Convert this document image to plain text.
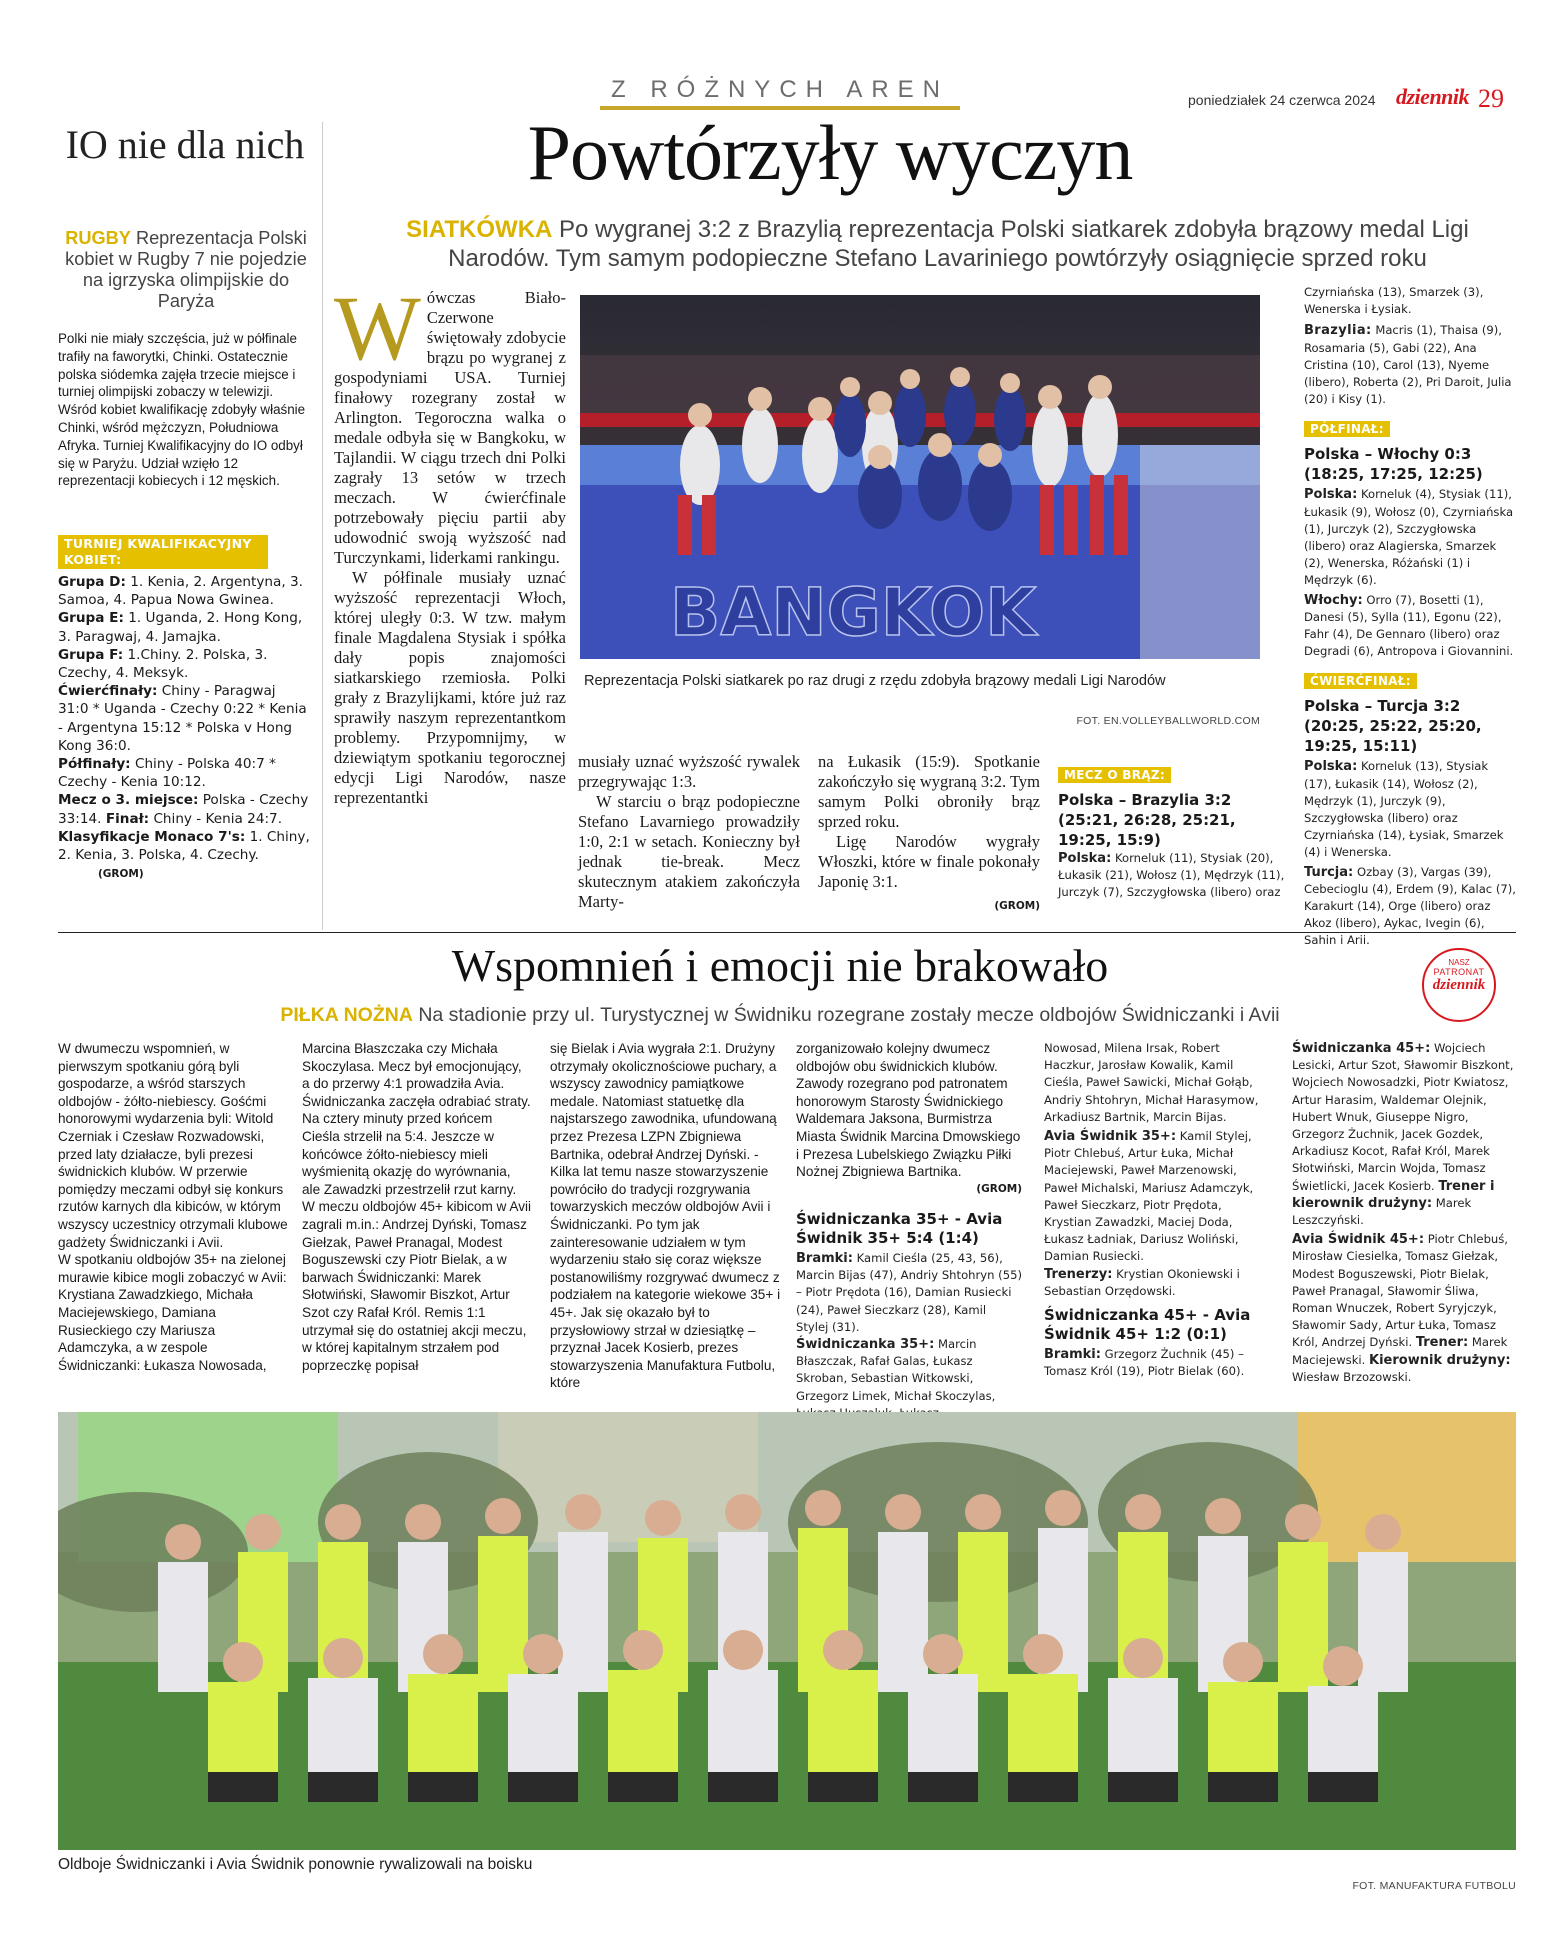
Z RÓŻNYCH AREN	poniedziałek 24 czerwca 2024 dziennik 29
IO nie dla nich
RUGBY Reprezentacja Polski kobiet w Rugby 7 nie pojedzie na igrzyska olimpijskie do Paryża
Polki nie miały szczęścia, już w półfinale trafiły na faworytki, Chinki. Ostatecznie polska siódemka zajęła trzecie miejsce i turniej olimpijski zobaczy w telewizji. Wśród kobiet kwalifikację zdobyły właśnie Chinki, wśród mężczyzn, Południowa Afryka. Turniej Kwalifikacyjny do IO odbył się w Paryżu. Udział wzięło 12 reprezentacji kobiecych i 12 męskich.
TURNIEJ KWALIFIKACYJNY KOBIET:
Grupa D: 1. Kenia, 2. Argentyna, 3. Samoa, 4. Papua Nowa Gwinea.
Grupa E: 1. Uganda, 2. Hong Kong, 3. Paragwaj, 4. Jamajka.
Grupa F: 1.Chiny. 2. Polska, 3. Czechy, 4. Meksyk.
Ćwierćfinały: Chiny - Paragwaj 31:0 * Uganda - Czechy 0:22 * Kenia - Argentyna 15:12 * Polska v Hong Kong 36:0.
Półfinały: Chiny - Polska 40:7 * Czechy - Kenia 10:12.
Mecz o 3. miejsce: Polska - Czechy 33:14. Finał: Chiny - Kenia 24:7.
Klasyfikacje Monaco 7's: 1. Chiny, 2. Kenia, 3. Polska, 4. Czechy. (GROM)
Powtórzyły wyczyn
SIATKÓWKA Po wygranej 3:2 z Brazylią reprezentacja Polski siatkarek zdobyła brązowy medal Ligi Narodów. Tym samym podopieczne Stefano Lavariniego powtórzyły osiągnięcie sprzed roku
W ówczas Biało-Czerwone świętowały zdobycie brązu po wygranej z gospodyniami USA. Turniej finałowy rozegrany został w Arlington. Tegoroczna walka o medale odbyła się w Bangkoku, w Tajlandii. W ciągu trzech dni Polki zagrały 13 setów w trzech meczach. W ćwierćfinale potrzebowały pięciu partii aby udowodnić swoją wyższość nad Turczynkami, liderkami rankingu.
W półfinale musiały uznać wyższość reprezentacji Włoch, której uległy 0:3. W tzw. małym finale Magdalena Stysiak i spółka dały popis znajomości siatkarskiego rzemiosła. Polki grały z Brazylijkami, które już raz sprawiły naszym reprezentantkom problemy. Przypomnijmy, w dziewiątym spotkaniu tegorocznej edycji Ligi Narodów, nasze reprezentantki
BANGKOK
Reprezentacja Polski siatkarek po raz drugi z rzędu zdobyła brązowy medali Ligi Narodów
FOT. EN.VOLLEYBALLWORLD.COM
musiały uznać wyższość rywalek przegrywając 1:3.
W starciu o brąz podopieczne Stefano Lavarniego prowadziły 1:0, 2:1 w setach. Konieczny był jednak tie-break. Mecz skutecznym atakiem zakończyła Marty-
na Łukasik (15:9). Spotkanie zakończyło się wygraną 3:2. Tym samym Polki obroniły brąz sprzed roku.
Ligę Narodów wygrały Włoszki, które w finale pokonały Japonię 3:1.
(GROM)
MECZ O BRĄZ:
Polska – Brazylia 3:2 (25:21, 26:28, 25:21, 19:25, 15:9)
Polska: Korneluk (11), Stysiak (20), Łukasik (21), Wołosz (1), Mędrzyk (11), Jurczyk (7), Szczygłowska (libero) oraz
Czyrniańska (13), Smarzek (3), Wenerska i Łysiak.
Brazylia: Macris (1), Thaisa (9), Rosamaria (5), Gabi (22), Ana Cristina (10), Carol (13), Nyeme (libero), Roberta (2), Pri Daroit, Julia (20) i Kisy (1).
PÓŁFINAŁ:
Polska – Włochy 0:3 (18:25, 17:25, 12:25)
Polska: Korneluk (4), Stysiak (11), Łukasik (9), Wołosz (0), Czyrniańska (1), Jurczyk (2), Szczygłowska (libero) oraz Alagierska, Smarzek (2), Wenerska, Różański (1) i Mędrzyk (6).
Włochy: Orro (7), Bosetti (1), Danesi (5), Sylla (11), Egonu (22), Fahr (4), De Gennaro (libero) oraz Degradi (6), Antropova i Giovannini.
ĆWIERĆFINAŁ:
Polska – Turcja 3:2 (20:25, 25:22, 25:20, 19:25, 15:11)
Polska: Korneluk (13), Stysiak (17), Łukasik (14), Wołosz (2), Mędrzyk (1), Jurczyk (9), Szczygłowska (libero) oraz Czyrniańska (14), Łysiak, Smarzek (4) i Wenerska.
Turcja: Ozbay (3), Vargas (39), Cebecioglu (4), Erdem (9), Kalac (7), Karakurt (14), Orge (libero) oraz Akoz (libero), Aykac, Ivegin (6), Sahin i Arii.
Wspomnień i emocji nie brakowało
PIŁKA NOŻNA Na stadionie przy ul. Turystycznej w Świdniku rozegrane zostały mecze oldbojów Świdniczanki i Avii
NASZ
PATRONAT
dziennik
W dwumeczu wspomnień, w pierwszym spotkaniu górą byli gospodarze, a wśród starszych oldbojów - żółto-niebiescy. Gośćmi honorowymi wydarzenia byli: Witold Czerniak i Czesław Rozwadowski, przed laty działacze, byli prezesi świdnickich klubów. W przerwie pomiędzy meczami odbył się konkurs rzutów karnych dla kibiców, w którym wszyscy uczestnicy otrzymali klubowe gadżety Świdniczanki i Avii.
W spotkaniu oldbojów 35+ na zielonej murawie kibice mogli zobaczyć w Avii: Krystiana Zawadzkiego, Michała Maciejewskiego, Damiana Rusieckiego czy Mariusza Adamczyka, a w zespole Świdniczanki: Łukasza Nowosada,
Marcina Błaszczaka czy Michała Skoczylasa. Mecz był emocjonujący, a do przerwy 4:1 prowadziła Avia. Świdniczanka zaczęła odrabiać straty. Na cztery minuty przed końcem Cieśla strzelił na 5:4. Jeszcze w końcówce żółto-niebiescy mieli wyśmienitą okazję do wyrównania, ale Zawadzki przestrzelił rzut karny.
W meczu oldbojów 45+ kibicom w Avii zagrali m.in.: Andrzej Dyński, Tomasz Giełzak, Paweł Pranagal, Modest Boguszewski czy Piotr Bielak, a w barwach Świdniczanki: Marek Słotwiński, Sławomir Biszkot, Artur Szot czy Rafał Król. Remis 1:1 utrzymał się do ostatniej akcji meczu, w której kapitalnym strzałem pod poprzeczkę popisał
się Bielak i Avia wygrała 2:1. Drużyny otrzymały okolicznościowe puchary, a wszyscy zawodnicy pamiątkowe medale. Natomiast statuetkę dla najstarszego zawodnika, ufundowaną przez Prezesa LZPN Zbigniewa Bartnika, odebrał Andrzej Dyński. - Kilka lat temu nasze stowarzyszenie powróciło do tradycji rozgrywania towarzyskich meczów oldbojów Avii i Świdniczanki. Po tym jak zainteresowanie udziałem w tym wydarzeniu stało się coraz większe postanowiliśmy rozgrywać dwumecz z podziałem na kategorie wiekowe 35+ i 45+. Jak się okazało był to przysłowiowy strzał w dziesiątkę – przyznał Jacek Kosierb, prezes stowarzyszenia Manufaktura Futbolu, które
zorganizowało kolejny dwumecz oldbojów obu świdnickich klubów. Zawody rozegrano pod patronatem honorowym Starosty Świdnickiego Waldemara Jaksona, Burmistrza Miasta Świdnik Marcina Dmowskiego i Prezesa Lubelskiego Związku Piłki Nożnej Zbigniewa Bartnika.
(GROM)
Świdniczanka 35+ - Avia Świdnik 35+ 5:4 (1:4)
Bramki: Kamil Cieśla (25, 43, 56), Marcin Bijas (47), Andriy Shtohryn (55) – Piotr Prędota (16), Damian Rusiecki (24), Paweł Sieczkarz (28), Kamil Stylej (31).
Świdniczanka 35+: Marcin Błaszczak, Rafał Galas, Łukasz Skroban, Sebastian Witkowski, Grzegorz Limek, Michał Skoczylas,
Nowosad, Milena Irsak, Robert Haczkur, Jarosław Kowalik, Kamil Cieśla, Paweł Sawicki, Michał Gołąb, Andriy Shtohryn, Michał Harasymow, Arkadiusz Bartnik, Marcin Bijas.
Avia Świdnik 35+: Kamil Stylej, Piotr Chlebuś, Artur Łuka, Michał Maciejewski, Paweł Marzenowski, Paweł Michalski, Mariusz Adamczyk, Paweł Sieczkarz, Piotr Prędota, Krystian Zawadzki, Maciej Doda, Łukasz Ładniak, Dariusz Woliński, Damian Rusiecki.
Trenerzy: Krystian Okoniewski i Sebastian Orzędowski.
Świdniczanka 45+ - Avia Świdnik 45+ 1:2 (0:1)
Bramki: Grzegorz Żuchnik (45) – Tomasz Król (19), Piotr Bielak (60).
Świdniczanka 45+: Wojciech Lesicki, Artur Szot, Sławomir Biszkont, Wojciech Nowosadzki, Piotr Kwiatosz, Artur Harasim, Waldemar Olejnik, Hubert Wnuk, Giuseppe Nigro, Grzegorz Żuchnik, Jacek Gozdek, Arkadiusz Kocot, Rafał Król, Marek Słotwiński, Marcin Wojda, Tomasz Świetlicki, Jacek Kosierb. Trener i kierownik drużyny: Marek Leszczyński.
Avia Świdnik 45+: Piotr Chlebuś, Mirosław Ciesielka, Tomasz Giełzak, Modest Boguszewski, Piotr Bielak, Paweł Pranagal, Sławomir Śliwa, Roman Wnuczek, Robert Syryjczyk, Sławomir Sady, Artur Łuka, Tomasz Król, Andrzej Dyński. Trener: Marek Maciejewski. Kierownik drużyny: Wiesław Brzozowski.
Oldboje Świdniczanki i Avia Świdnik ponownie rywalizowali na boisku
FOT. MANUFAKTURA FUTBOLU
